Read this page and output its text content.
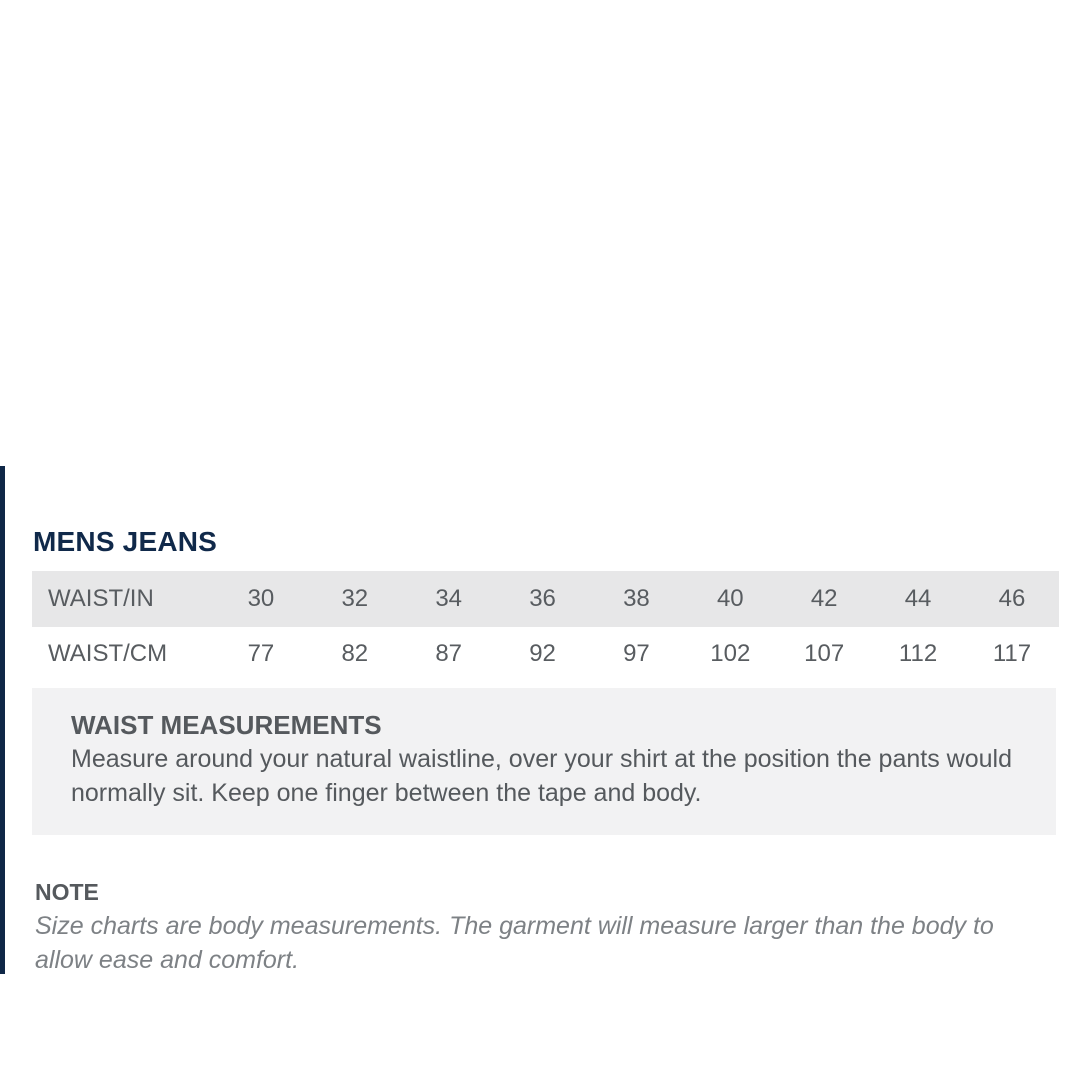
MENS JEANS
WAIST/IN	30	32	34	36	38	40	42	44	46
WAIST/CM	77	82	87	92	97	102	107	112	117
WAIST MEASUREMENTS

Measure around your natural waistline, over your shirt at the position the pants would normally sit. Keep one finger between the tape and body.

NOTE

Size charts are body measurements. The garment will measure larger than the body to allow ease and comfort.
